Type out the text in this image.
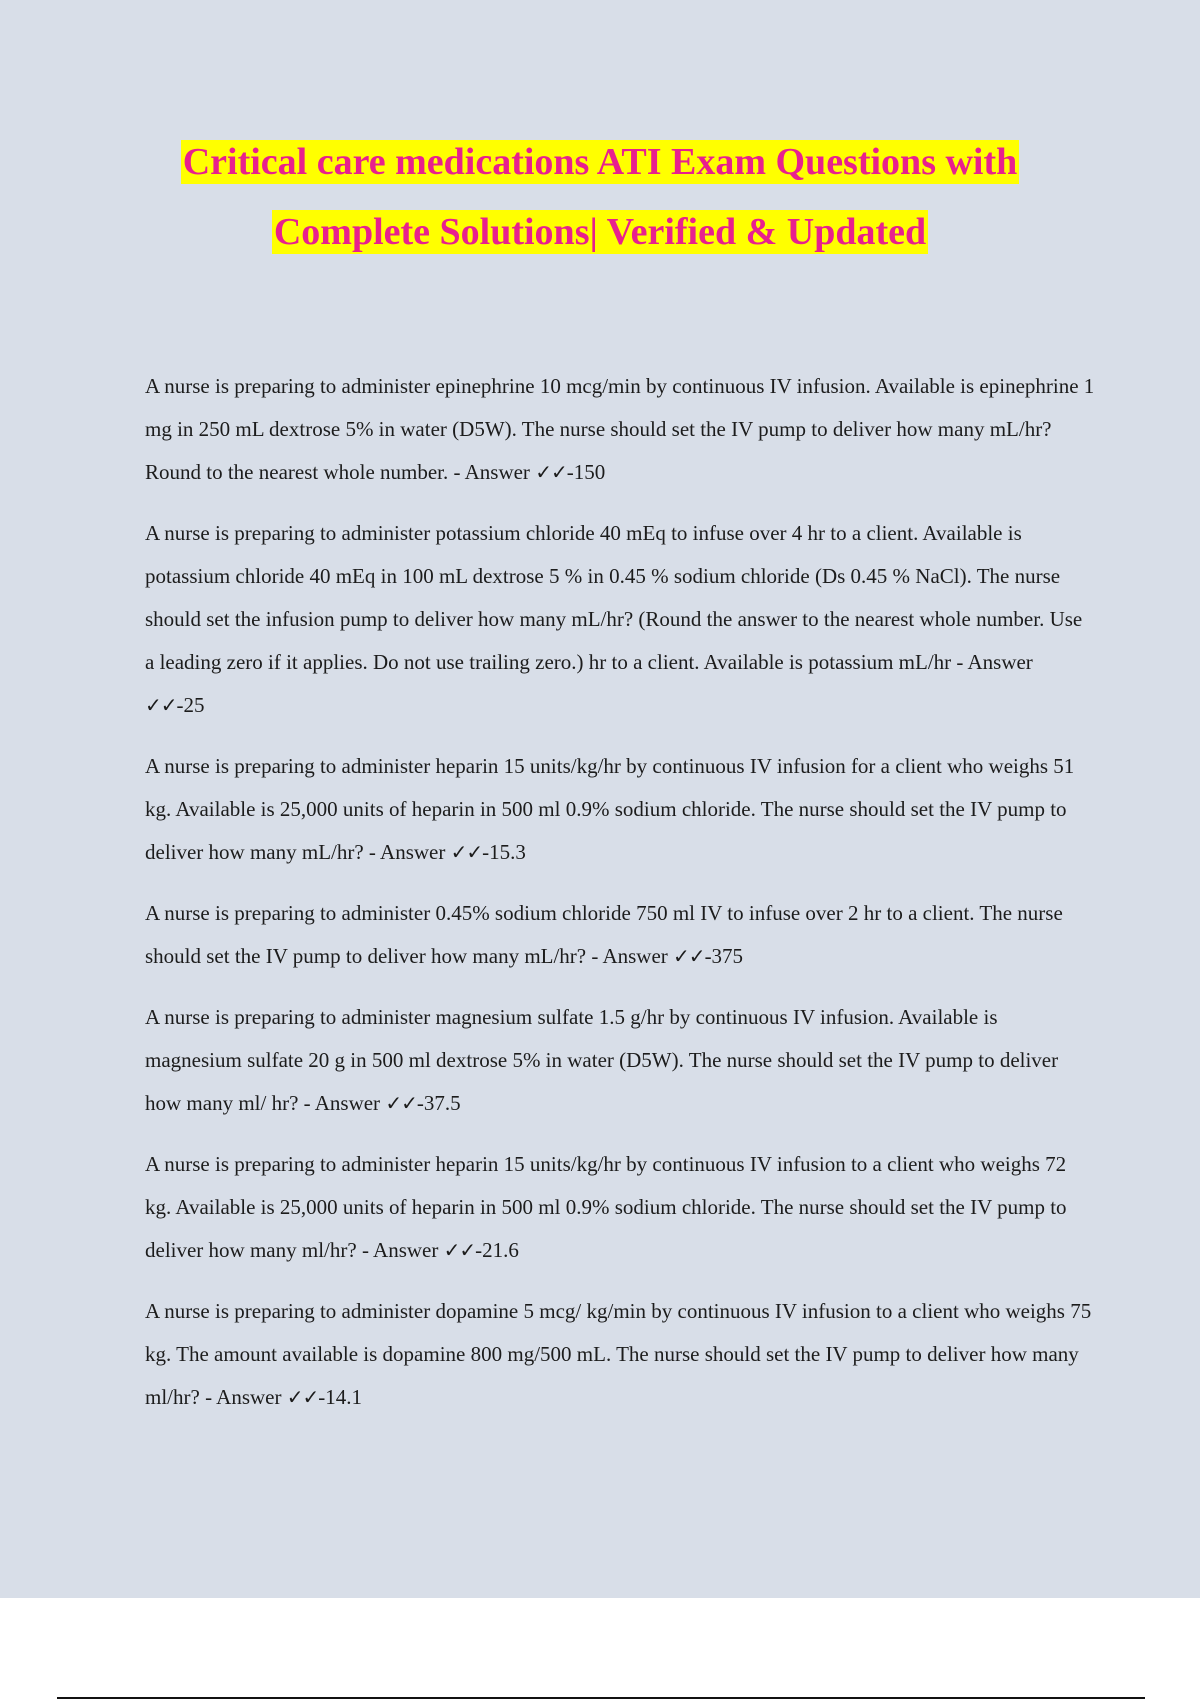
Critical care medications ATI Exam Questions with
Complete Solutions| Verified & Updated

A nurse is preparing to administer epinephrine 10 mcg/min by continuous IV infusion. Available is epinephrine 1 mg in 250 mL dextrose 5% in water (D5W). The nurse should set the IV pump to deliver how many mL/hr? Round to the nearest whole number. - Answer ✓✓-150

A nurse is preparing to administer potassium chloride 40 mEq to infuse over 4 hr to a client. Available is potassium chloride 40 mEq in 100 mL dextrose 5 % in 0.45 % sodium chloride (Ds 0.45 % NaCl). The nurse should set the infusion pump to deliver how many mL/hr? (Round the answer to the nearest whole number. Use a leading zero if it applies. Do not use trailing zero.) hr to a client. Available is potassium mL/hr - Answer ✓✓-25

A nurse is preparing to administer heparin 15 units/kg/hr by continuous IV infusion for a client who weighs 51 kg. Available is 25,000 units of heparin in 500 ml 0.9% sodium chloride. The nurse should set the IV pump to deliver how many mL/hr? - Answer ✓✓-15.3

A nurse is preparing to administer 0.45% sodium chloride 750 ml IV to infuse over 2 hr to a client. The nurse should set the IV pump to deliver how many mL/hr? - Answer ✓✓-375

A nurse is preparing to administer magnesium sulfate 1.5 g/hr by continuous IV infusion. Available is magnesium sulfate 20 g in 500 ml dextrose 5% in water (D5W). The nurse should set the IV pump to deliver how many ml/ hr? - Answer ✓✓-37.5

A nurse is preparing to administer heparin 15 units/kg/hr by continuous IV infusion to a client who weighs 72 kg. Available is 25,000 units of heparin in 500 ml 0.9% sodium chloride. The nurse should set the IV pump to deliver how many ml/hr? - Answer ✓✓-21.6

A nurse is preparing to administer dopamine 5 mcg/ kg/min by continuous IV infusion to a client who weighs 75 kg. The amount available is dopamine 800 mg/500 mL. The nurse should set the IV pump to deliver how many ml/hr? - Answer ✓✓-14.1
